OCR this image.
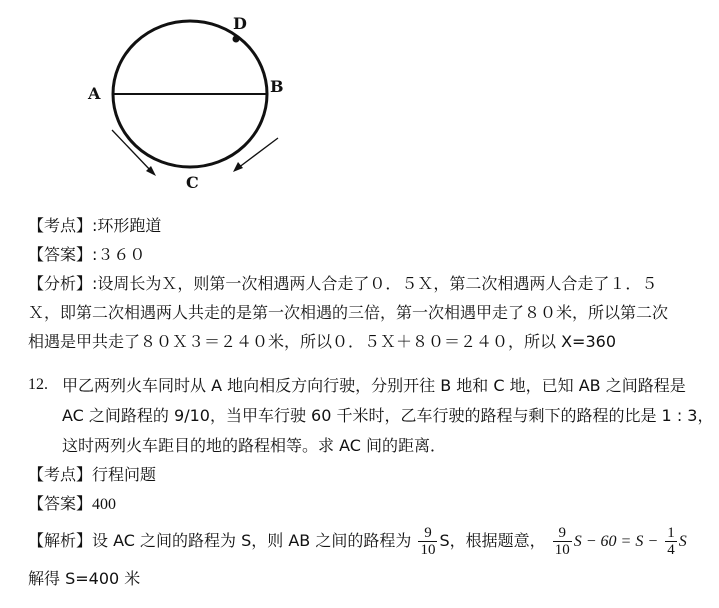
A	B
C
D
【考点】:环形跑道
【答案】:３６０
【分析】:设周长为Ｘ，则第一次相遇两人合走了０．５Ｘ，第二次相遇两人合走了１．５
Ｘ，即第二次相遇两人共走的是第一次相遇的三倍，第一次相遇甲走了８０米，所以第二次
相遇是甲共走了８０Ｘ３＝２４０米，所以０．５Ｘ＋８０＝２４０，所以 X=360
12. 甲乙两列火车同时从 A 地向相反方向行驶，分别开往 B 地和 C 地，已知 AB 之间路程是
AC 之间路程的 9/10，当甲车行驶 60 千米时，乙车行驶的路程与剩下的路程的比是 1 : 3，
这时两列火车距目的地的路程相等。求 AC 间的距离．
【考点】行程问题
【答案】400
【解析】设 AC 之间的路程为 S，则 AB 之间的路程为 $\frac{9}{10}$ S，根据题意， $\frac{9}{10}$ $S - 60 = S - \frac{1}{4}$ S
解得 S=400 米
